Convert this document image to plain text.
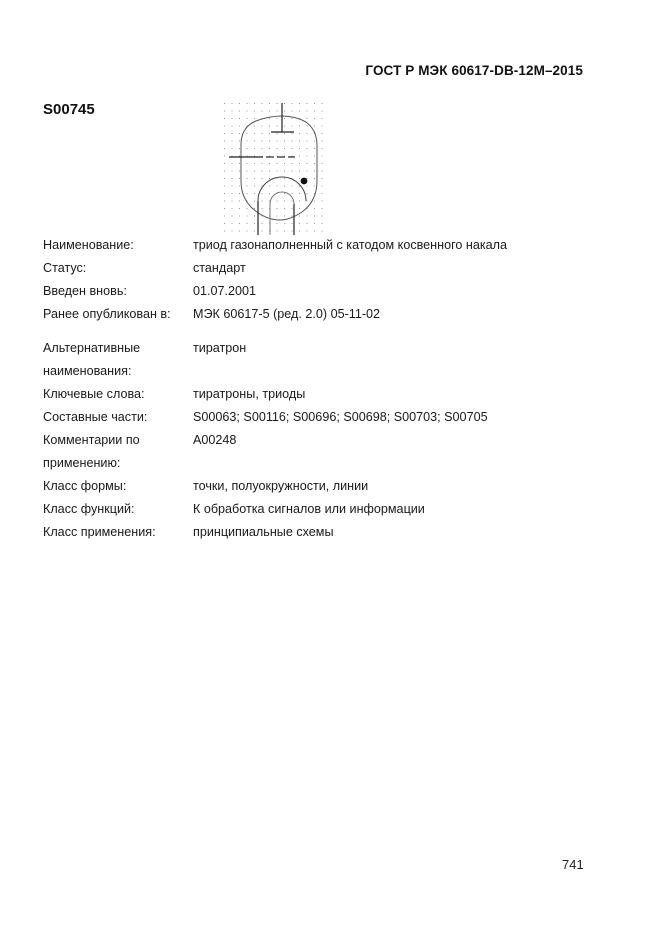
ГОСТ Р МЭК 60617-DB-12M–2015
S00745
Наименование:	триод газонаполненный с катодом косвенного накала
Статус:	стандарт
Введен вновь:	01.07.2001
Ранее опубликован в:	МЭК 60617-5 (ред. 2.0) 05-11-02
Альтернативные	тиратрон
наименования:
Ключевые слова:	тиратроны, триоды
Составные части:	S00063; S00116; S00696; S00698; S00703; S00705
Комментарии по	A00248
применению:
Класс формы:	точки, полуокружности, линии
Класс функций:	К обработка сигналов или информации
Класс применения:	принципиальные схемы
741
